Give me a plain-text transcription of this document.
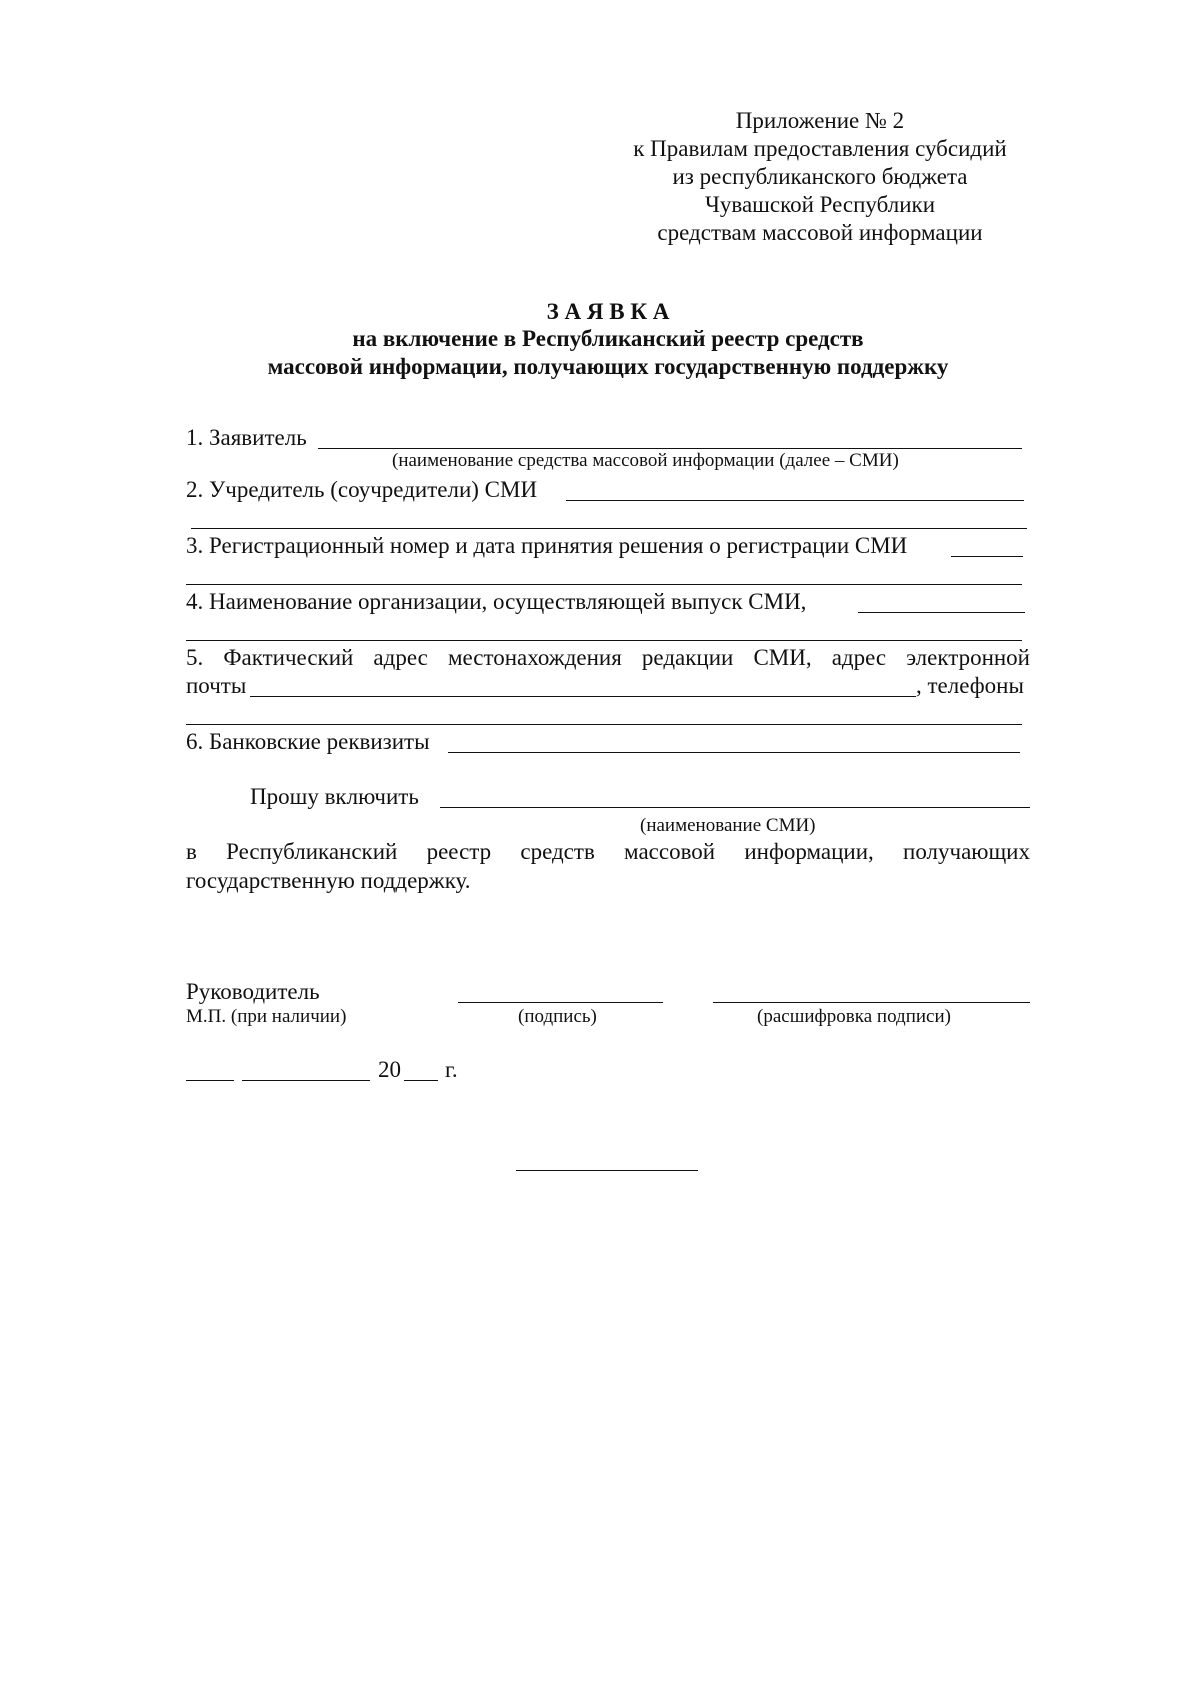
Приложение № 2
к Правилам предоставления субсидий
из республиканского бюджета
Чувашской Республики
средствам массовой информации
З А Я В К А
на включение в Республиканский реестр средств
массовой информации, получающих государственную поддержку
1. Заявитель
(наименование средства массовой информации (далее – СМИ)
2. Учредитель (соучредители) СМИ
3. Регистрационный номер и дата принятия решения о регистрации СМИ
4. Наименование организации, осуществляющей выпуск СМИ,
5. Фактический адрес местонахождения редакции СМИ, адрес электронной
почты	, телефоны
6. Банковские реквизиты
Прошу включить
(наименование СМИ)
в Республиканский реестр средств массовой информации, получающих
государственную поддержку.
Руководитель
М.П. (при наличии)	(подпись)	(расшифровка подписи)
20 г.
